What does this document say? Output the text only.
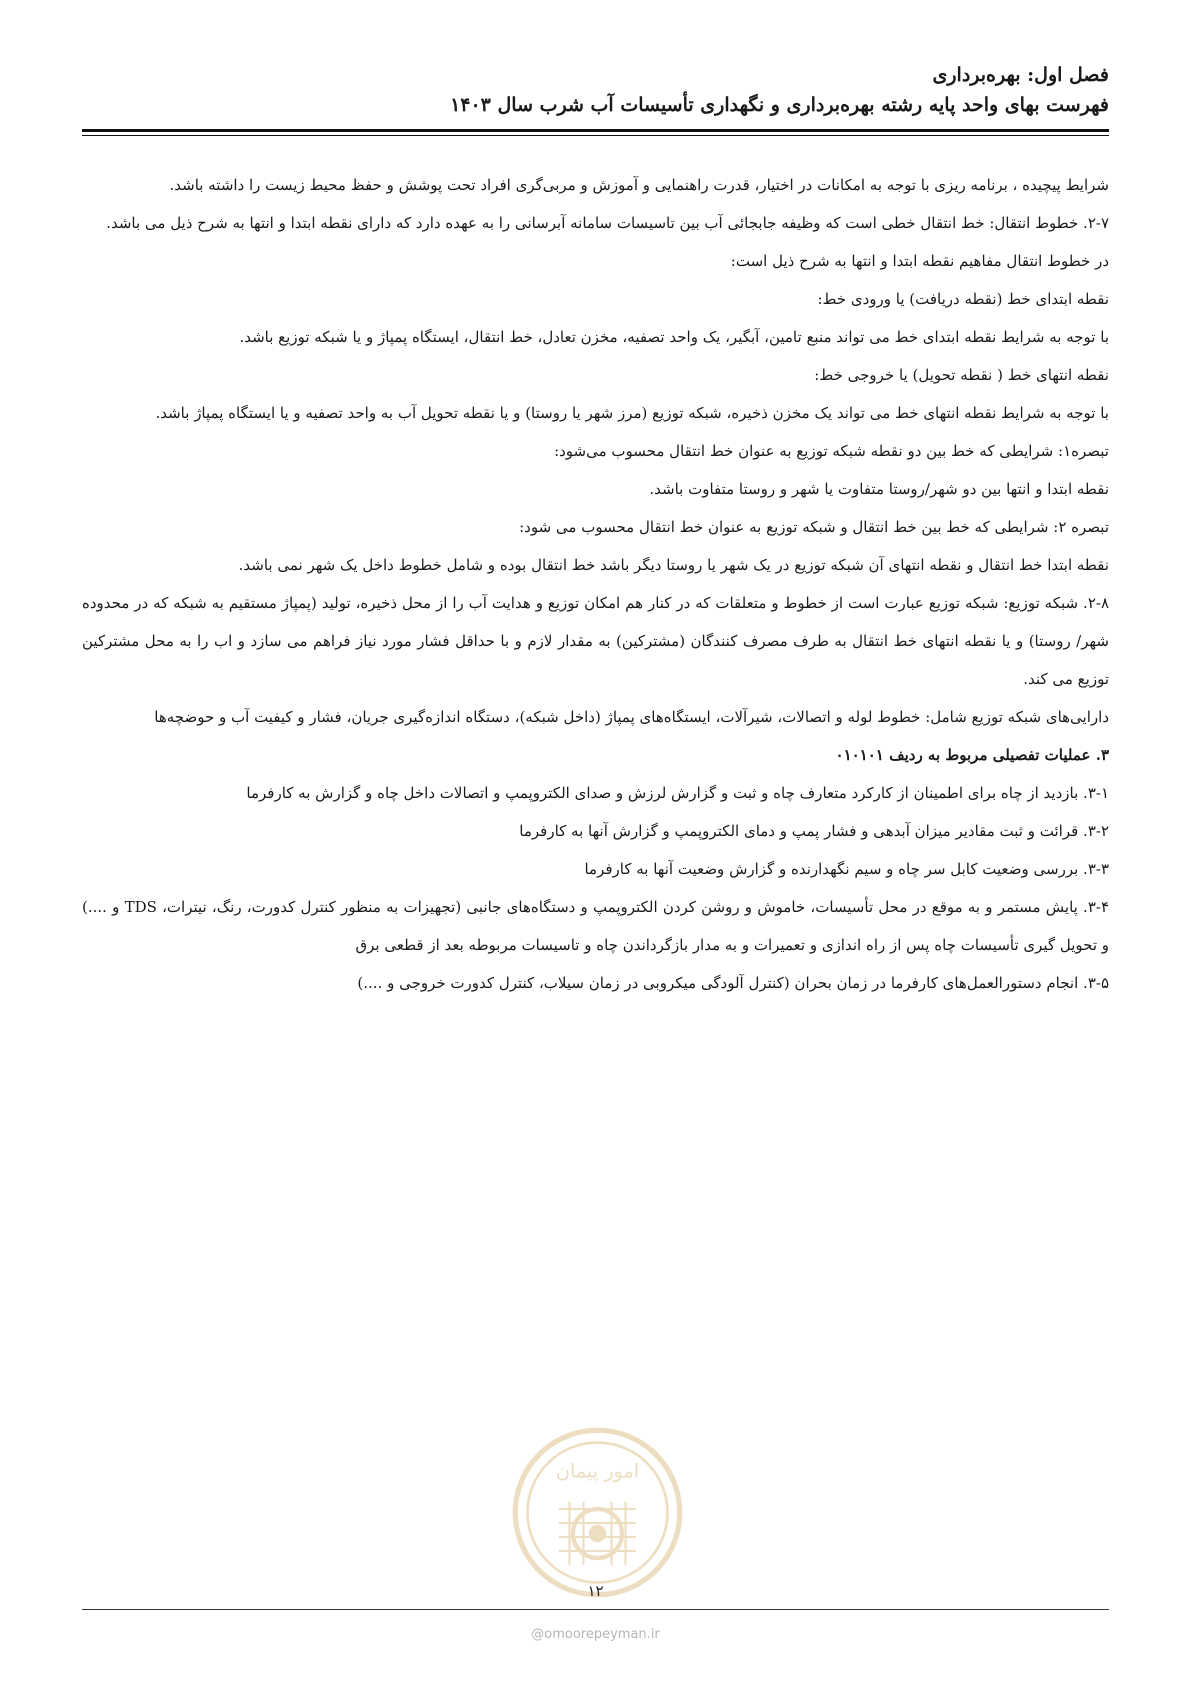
فصل اول: بهره‌برداری
فهرست بهای واحد پایه رشته بهره‌برداری و نگهداری تأسیسات آب شرب سال ۱۴۰۳

شرایط پیچیده ، برنامه ریزی با توجه به امکانات در اختیار، قدرت راهنمایی و آموزش و مربی‌گری افراد تحت پوشش و حفظ محیط زیست را داشته باشد.

۲-۷. خطوط انتقال: خط انتقال خطی است که وظیفه جابجائی آب بین تاسیسات سامانه آبرسانی را به عهده دارد که دارای نقطه ابتدا و انتها به شرح ذیل می باشد.

در خطوط انتقال مفاهیم نقطه ابتدا و انتها به شرح ذیل است:

نقطه ابتدای خط (نقطه دریافت) یا ورودی خط:

با توجه به شرایط نقطه ابتدای خط می تواند منبع تامین، آبگیر، یک واحد تصفیه، مخزن تعادل، خط انتقال، ایستگاه پمپاژ و یا شبکه توزیع باشد.

نقطه انتهای خط ( نقطه تحویل) یا خروجی خط:

با توجه به شرایط نقطه انتهای خط می تواند یک مخزن ذخیره، شبکه توزیع (مرز شهر یا روستا) و یا نقطه تحویل آب به واحد تصفیه و یا ایستگاه پمپاژ باشد.

تبصره۱: شرایطی که خط بین دو نقطه شبکه توزیع به عنوان خط انتقال محسوب می‌شود:

نقطه ابتدا و انتها بین دو شهر/روستا متفاوت یا شهر و روستا متفاوت باشد.

تبصره ۲: شرایطی که خط بین خط انتقال و شبکه توزیع به عنوان خط انتقال محسوب می شود:

نقطه ابتدا خط انتقال و نقطه انتهای آن شبکه توزیع در یک شهر یا روستا دیگر باشد خط انتقال بوده و شامل خطوط داخل یک شهر نمی باشد.

۲-۸. شبکه توزیع: شبکه توزیع عبارت است از خطوط و متعلقات که در کنار هم امکان توزیع و هدایت آب را از محل ذخیره، تولید (پمپاژ مستقیم به شبکه که در محدوده شهر/ روستا) و یا نقطه انتهای خط انتقال به طرف مصرف کنندگان (مشترکین) به مقدار لازم و با حداقل فشار مورد نیاز فراهم می سازد و اب را به محل مشترکین توزیع می کند.

دارایی‌های شبکه توزیع شامل: خطوط لوله و اتصالات، شیرآلات، ایستگاه‌های پمپاژ (داخل شبکه)، دستگاه اندازه‌گیری جریان، فشار و کیفیت آب و حوضچه‌ها

۳. عملیات تفصیلی مربوط به ردیف ۰۱۰۱۰۱

۳-۱. بازدید از چاه برای اطمینان از کارکرد متعارف چاه و ثبت و گزارش لرزش و صدای الکتروپمپ و اتصالات داخل چاه و گزارش به کارفرما

۳-۲. قرائت و ثبت مقادیر میزان آبدهی و فشار پمپ و دمای الکتروپمپ و گزارش آنها به کارفرما

۳-۳. بررسی وضعیت کابل سر چاه و سیم نگهدارنده و گزارش وضعیت آنها به کارفرما

۳-۴. پایش مستمر و به موقع در محل تأسیسات، خاموش و روشن کردن الکتروپمپ و دستگاه‌های جانبی (تجهیزات به منظور کنترل کدورت، رنگ، نیترات، TDS و ....) و تحویل گیری تأسیسات چاه پس از راه اندازی و تعمیرات و به مدار بازگرداندن چاه و تاسیسات مربوطه بعد از قطعی برق

۳-۵. انجام دستورالعمل‌های کارفرما در زمان بحران (کنترل آلودگی میکروبی در زمان سیلاب، کنترل کدورت خروجی و ....)

امور پیمان
۱۲
@omoorepeyman.ir
